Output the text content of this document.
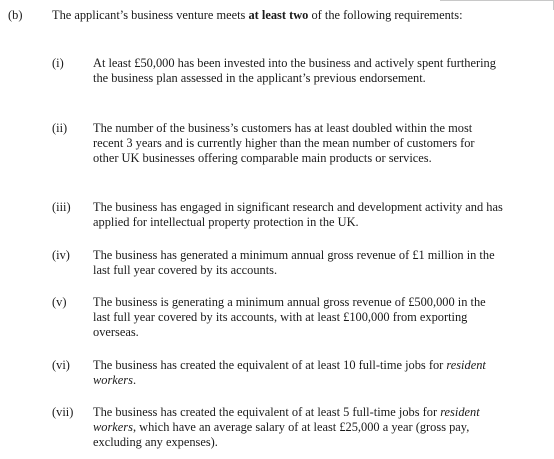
(b) The applicant’s business venture meets at least two of the following requirements:
(i) At least £50,000 has been invested into the business and actively spent furthering the business plan assessed in the applicant’s previous endorsement.
(ii) The number of the business’s customers has at least doubled within the most recent 3 years and is currently higher than the mean number of customers for other UK businesses offering comparable main products or services.
(iii) The business has engaged in significant research and development activity and has applied for intellectual property protection in the UK.
(iv) The business has generated a minimum annual gross revenue of £1 million in the last full year covered by its accounts.
(v) The business is generating a minimum annual gross revenue of £500,000 in the last full year covered by its accounts, with at least £100,000 from exporting overseas.
(vi) The business has created the equivalent of at least 10 full-time jobs for resident workers.
(vii) The business has created the equivalent of at least 5 full-time jobs for resident workers, which have an average salary of at least £25,000 a year (gross pay, excluding any expenses).
